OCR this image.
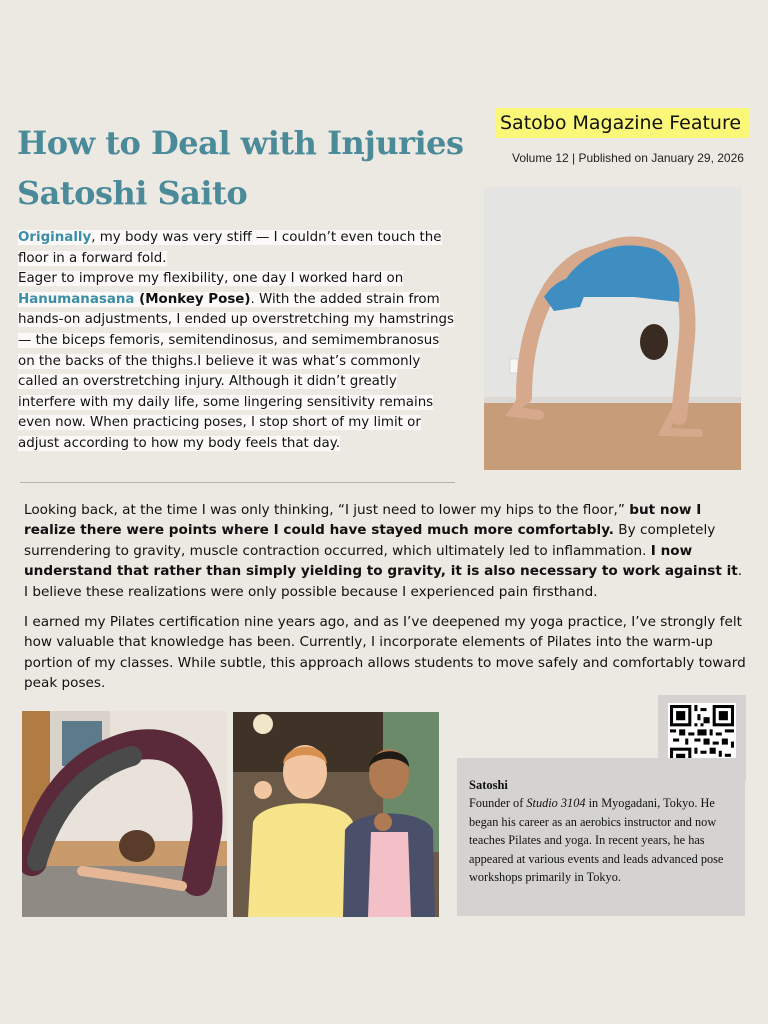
Satobo Magazine Feature
Volume 12 | Published on January 29, 2026
How to Deal with Injuries
Satoshi Saito
Originally, my body was very stiff — I couldn’t even touch the floor in a forward fold.
Eager to improve my flexibility, one day I worked hard on Hanumanasana (Monkey Pose). With the added strain from hands-on adjustments, I ended up overstretching my hamstrings — the biceps femoris, semitendinosus, and semimembranosus on the backs of the thighs.I believe it was what’s commonly called an overstretching injury. Although it didn’t greatly interfere with my daily life, some lingering sensitivity remains even now. When practicing poses, I stop short of my limit or adjust according to how my body feels that day.

Looking back, at the time I was only thinking, “I just need to lower my hips to the floor,” but now I realize there were points where I could have stayed much more comfortably. By completely surrendering to gravity, muscle contraction occurred, which ultimately led to inflammation. I now understand that rather than simply yielding to gravity, it is also necessary to work against it. I believe these realizations were only possible because I experienced pain firsthand.

I earned my Pilates certification nine years ago, and as I’ve deepened my yoga practice, I’ve strongly felt how valuable that knowledge has been. Currently, I incorporate elements of Pilates into the warm-up portion of my classes. While subtle, this approach allows students to move safely and comfortably toward peak poses.

Satoshi
Founder of Studio 3104 in Myogadani, Tokyo. He began his career as an aerobics instructor and now teaches Pilates and yoga. In recent years, he has appeared at various events and leads advanced pose workshops primarily in Tokyo.
